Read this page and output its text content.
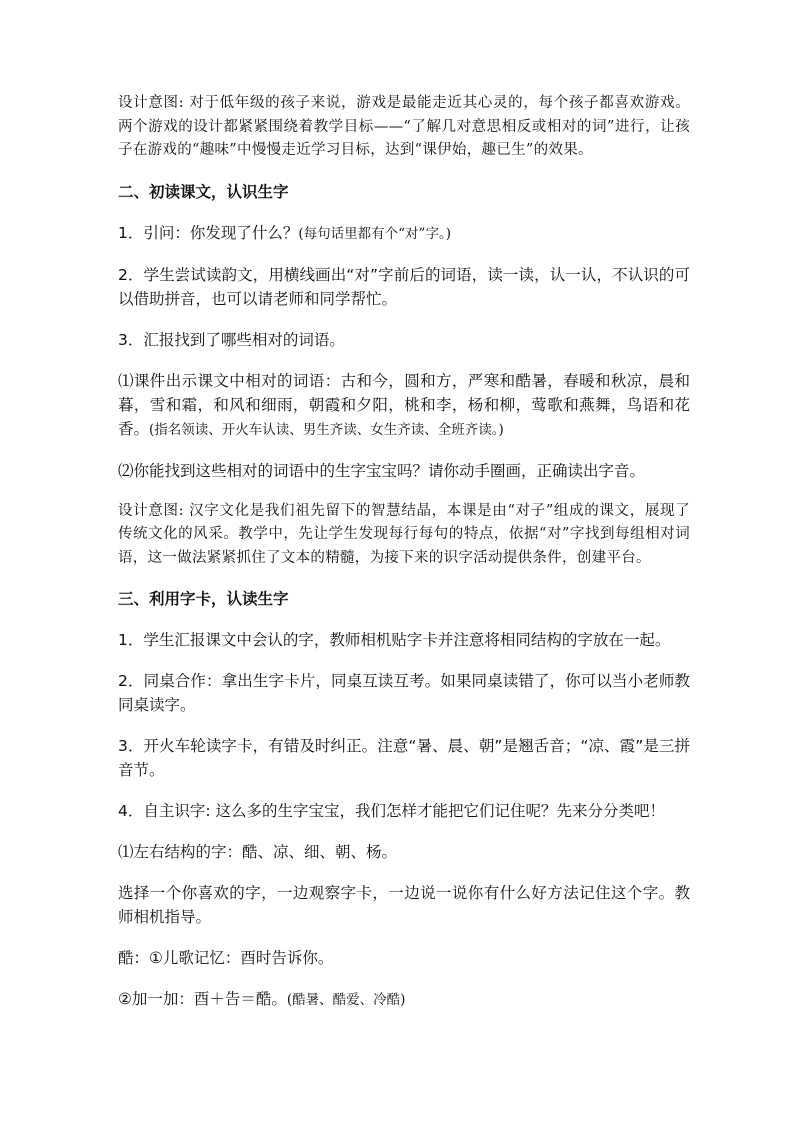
设计意图: 对于低年级的孩子来说，游戏是最能走近其心灵的，每个孩子都喜欢游戏。两个游戏的设计都紧紧围绕着教学目标——“了解几对意思相反或相对的词”进行，让孩子在游戏的“趣味”中慢慢走近学习目标，达到“课伊始，趣已生”的效果。

二、初读课文，认识生字

1．引问：你发现了什么？(每句话里都有个“对”字。)

2．学生尝试读韵文，用横线画出“对”字前后的词语，读一读，认一认，不认识的可以借助拼音，也可以请老师和同学帮忙。

3．汇报找到了哪些相对的词语。

⑴课件出示课文中相对的词语：古和今，圆和方，严寒和酷暑，春暖和秋凉，晨和暮，雪和霜，和风和细雨，朝霞和夕阳，桃和李，杨和柳，莺歌和燕舞，鸟语和花香。(指名领读、开火车认读、男生齐读、女生齐读、全班齐读。)

⑵你能找到这些相对的词语中的生字宝宝吗？请你动手圈画，正确读出字音。

设计意图: 汉字文化是我们祖先留下的智慧结晶，本课是由“对子”组成的课文，展现了传统文化的风采。教学中，先让学生发现每行每句的特点，依据“对”字找到每组相对词语，这一做法紧紧抓住了文本的精髓，为接下来的识字活动提供条件，创建平台。

三、利用字卡，认读生字

1．学生汇报课文中会认的字，教师相机贴字卡并注意将相同结构的字放在一起。

2．同桌合作：拿出生字卡片，同桌互读互考。如果同桌读错了，你可以当小老师教同桌读字。

3．开火车轮读字卡，有错及时纠正。注意“暑、晨、朝”是翘舌音；“凉、霞”是三拼音节。

4．自主识字: 这么多的生字宝宝，我们怎样才能把它们记住呢？先来分分类吧！

⑴左右结构的字：酷、凉、细、朝、杨。

选择一个你喜欢的字，一边观察字卡，一边说一说你有什么好方法记住这个字。教师相机指导。

酷：①儿歌记忆：酉时告诉你。

②加一加：酉＋告＝酷。(酷暑、酷爱、冷酷)
